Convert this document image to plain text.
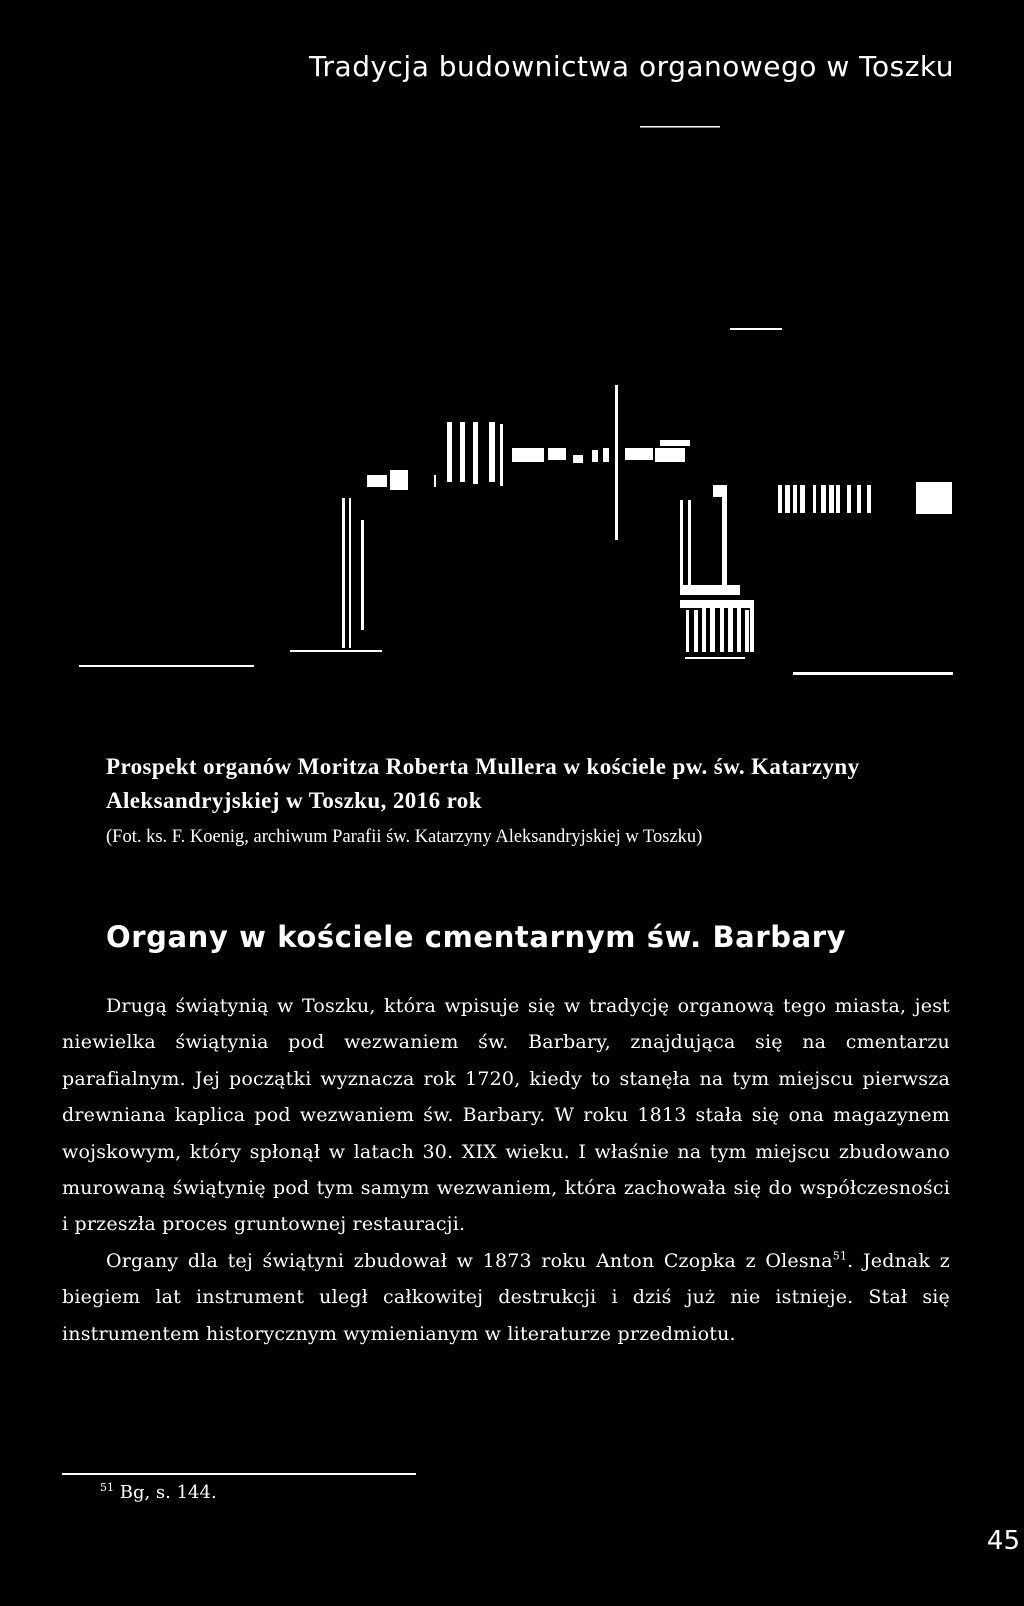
Tradycja budownictwa organowego w Toszku
Prospekt organów Moritza Roberta Mullera w kościele pw. św. Katarzyny Aleksandryjskiej w Toszku, 2016 rok
(Fot. ks. F. Koenig, archiwum Parafii św. Katarzyny Aleksandryjskiej w Toszku)
Organy w kościele cmentarnym św. Barbary

Drugą świątynią w Toszku, która wpisuje się w tradycję organową tego miasta, jest niewielka świątynia pod wezwaniem św. Barbary, znajdująca się na cmentarzu parafialnym. Jej początki wyznacza rok 1720, kiedy to stanęła na tym miejscu pierwsza drewniana kaplica pod wezwaniem św. Barbary. W roku 1813 stała się ona magazynem wojskowym, który spłonął w latach 30. XIX wieku. I właśnie na tym miejscu zbudowano murowaną świątynię pod tym samym wezwaniem, która zachowała się do współczesności i przeszła proces gruntownej restauracji.

Organy dla tej świątyni zbudował w 1873 roku Anton Czopka z Olesna$^{51}$. Jednak z biegiem lat instrument uległ całkowitej destrukcji i dziś już nie istnieje. Stał się instrumentem historycznym wymienianym w literaturze przedmiotu.

$^{51}$ Bg, s. 144.
45
